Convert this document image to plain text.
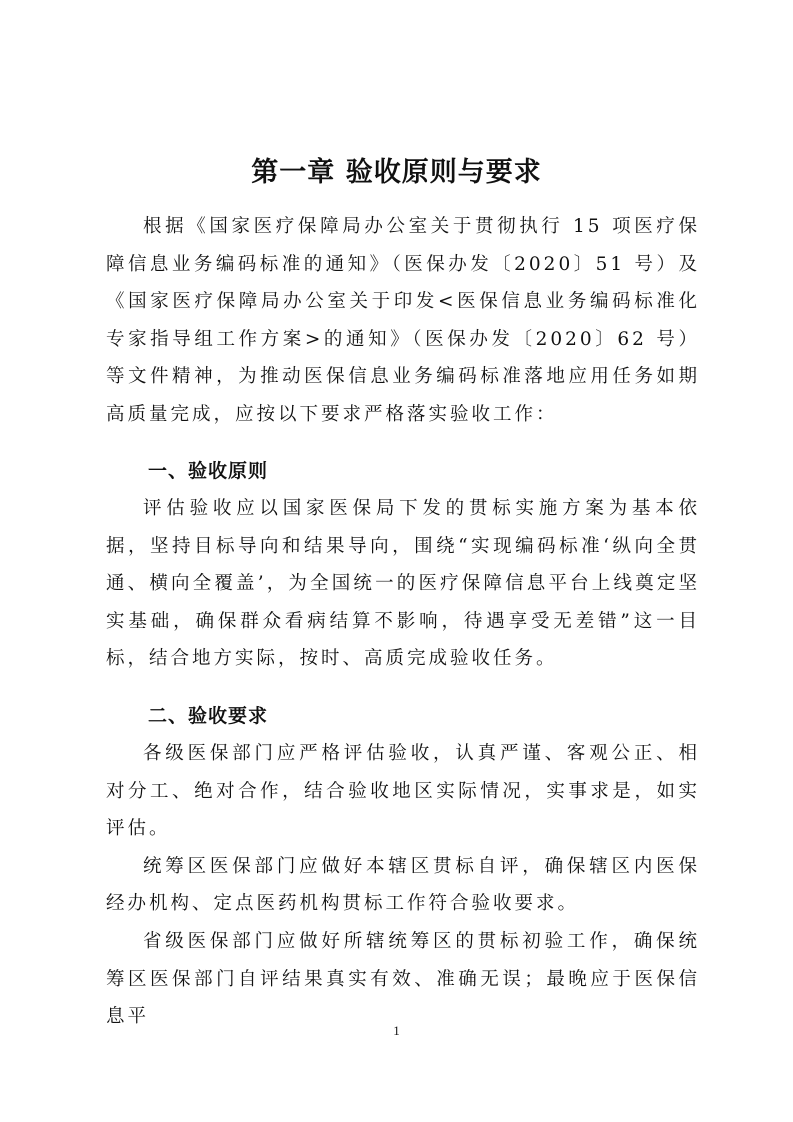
第一章 验收原则与要求

根据《国家医疗保障局办公室关于贯彻执行 15 项医疗保障信息业务编码标准的通知》（医保办发〔2020〕51 号）及《国家医疗保障局办公室关于印发<医保信息业务编码标准化专家指导组工作方案>的通知》（医保办发〔2020〕62 号）等文件精神，为推动医保信息业务编码标准落地应用任务如期高质量完成，应按以下要求严格落实验收工作：

一、验收原则

评估验收应以国家医保局下发的贯标实施方案为基本依据，坚持目标导向和结果导向，围绕“实现编码标准‘纵向全贯通、横向全覆盖’，为全国统一的医疗保障信息平台上线奠定坚实基础，确保群众看病结算不影响，待遇享受无差错”这一目标，结合地方实际，按时、高质完成验收任务。

二、验收要求

各级医保部门应严格评估验收，认真严谨、客观公正、相对分工、绝对合作，结合验收地区实际情况，实事求是，如实评估。

统筹区医保部门应做好本辖区贯标自评，确保辖区内医保经办机构、定点医药机构贯标工作符合验收要求。

省级医保部门应做好所辖统筹区的贯标初验工作，确保统筹区医保部门自评结果真实有效、准确无误；最晚应于医保信息平

1
